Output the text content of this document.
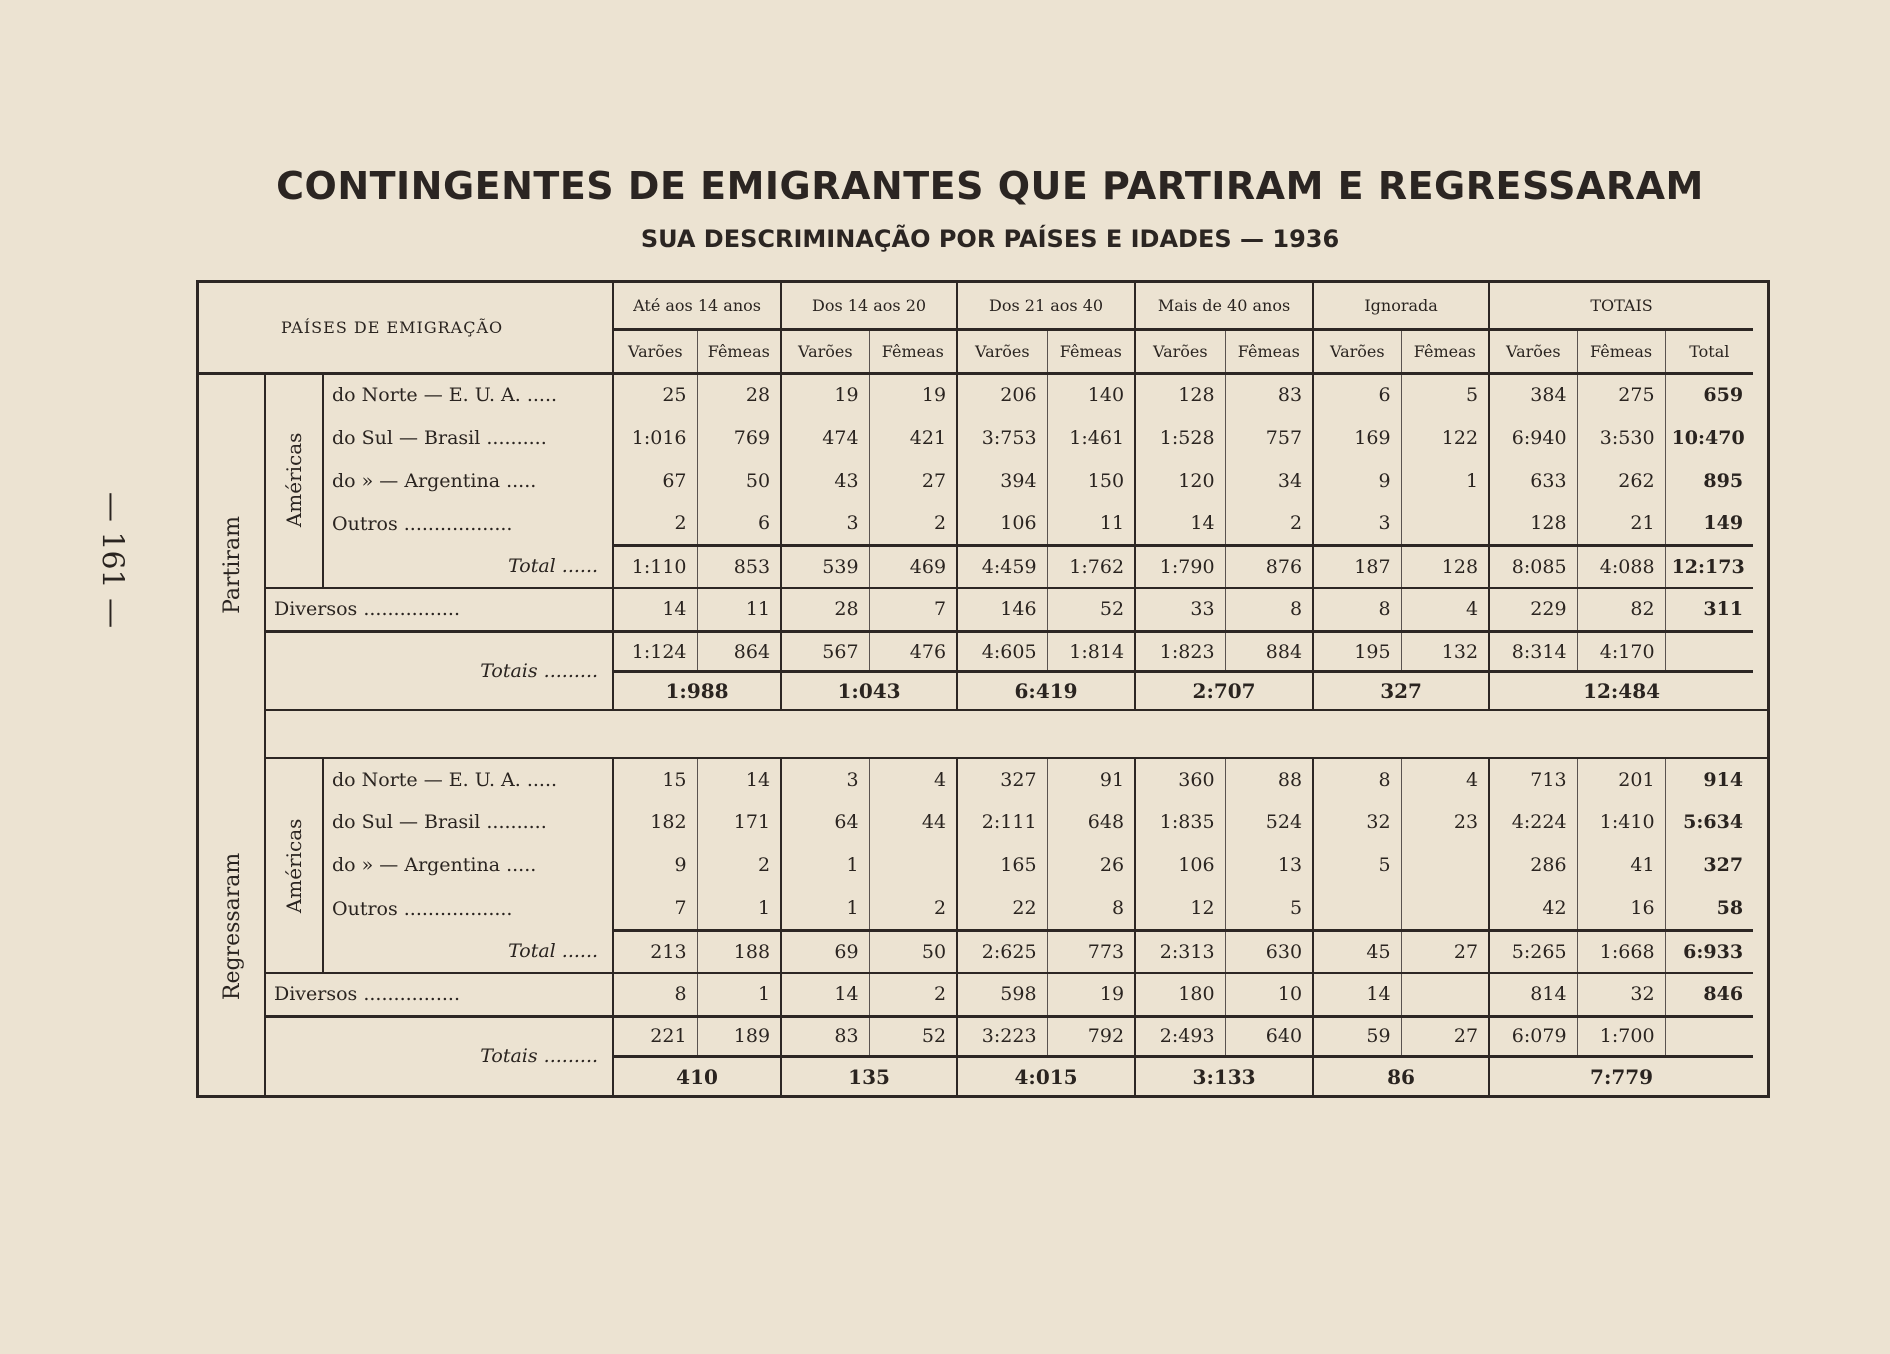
— 161 —
CONTINGENTES DE EMIGRANTES QUE PARTIRAM E REGRESSARAM
SUA DESCRIMINAÇÃO POR PAÍSES E IDADES — 1936
PAÍSES DE EMIGRAÇÃO			Até aos 14 anos		Dos 14 aos 20		Dos 21 aos 40		Mais de 40 anos		Ignorada		TOTAIS		
			Varões	Fêmeas	Varões	Fêmeas	Varões	Fêmeas	Varões	Fêmeas	Varões	Fêmeas	Varões	Fêmeas	Total
Partiram	Américas	do Norte — E. U. A. .....	25	28	19	19	206	140	128	83	6	5	384	275	659
		do Sul — Brasil ..........	1:016	769	474	421	3:753	1:461	1:528	757	169	122	6:940	3:530	10:470
		do » — Argentina .....	67	50	43	27	394	150	120	34	9	1	633	262	895
		Outros ..................	2	6	3	2	106	11	14	2	3		128	21	149
		Total ......	1:110	853	539	469	4:459	1:762	1:790	876	187	128	8:085	4:088	12:173
	Diversos ................		14	11	28	7	146	52	33	8	8	4	229	82	311
	Totais .........		1:124	864	567	476	4:605	1:814	1:823	884	195	132	8:314	4:170	
			1:988		1:043		6:419		2:707		327		12:484		

Regressaram	Américas	do Norte — E. U. A. .....	15	14	3	4	327	91	360	88	8	4	713	201	914
		do Sul — Brasil ..........	182	171	64	44	2:111	648	1:835	524	32	23	4:224	1:410	5:634
		do » — Argentina .....	9	2	1		165	26	106	13	5		286	41	327
		Outros ..................	7	1	1	2	22	8	12	5			42	16	58
		Total ......	213	188	69	50	2:625	773	2:313	630	45	27	5:265	1:668	6:933
	Diversos ................		8	1	14	2	598	19	180	10	14		814	32	846
	Totais .........		221	189	83	52	3:223	792	2:493	640	59	27	6:079	1:700	
			410		135		4:015		3:133		86		7:779		
